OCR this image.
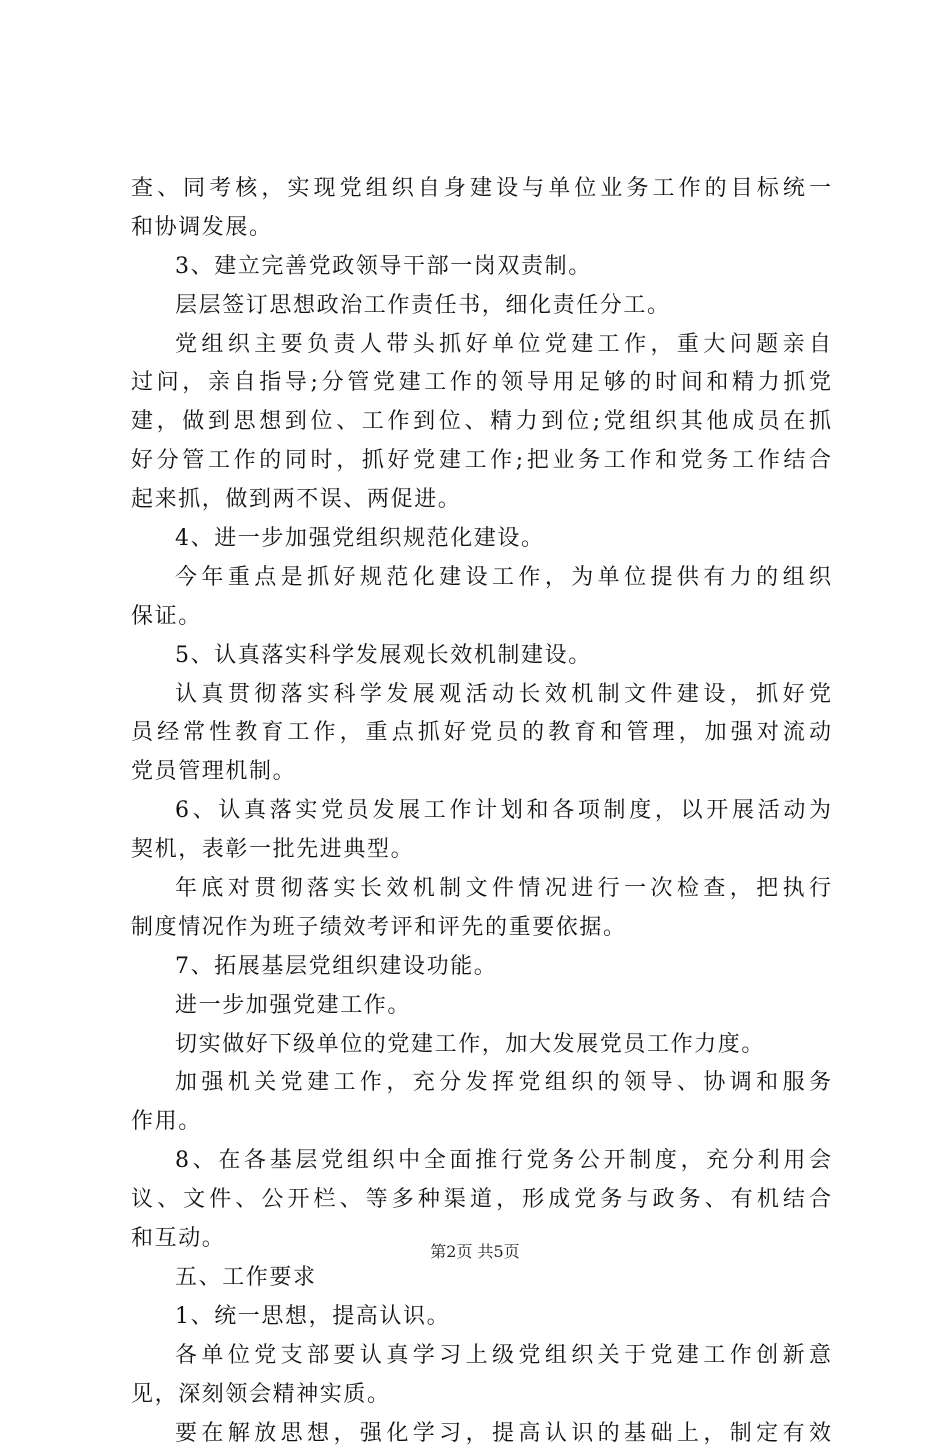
查、同考核，实现党组织自身建设与单位业务工作的目标统一
和协调发展。
3、建立完善党政领导干部一岗双责制。
层层签订思想政治工作责任书，细化责任分工。
党组织主要负责人带头抓好单位党建工作，重大问题亲自
过问，亲自指导;分管党建工作的领导用足够的时间和精力抓党
建，做到思想到位、工作到位、精力到位;党组织其他成员在抓
好分管工作的同时，抓好党建工作;把业务工作和党务工作结合
起来抓，做到两不误、两促进。
4、进一步加强党组织规范化建设。
今年重点是抓好规范化建设工作，为单位提供有力的组织
保证。
5、认真落实科学发展观长效机制建设。
认真贯彻落实科学发展观活动长效机制文件建设，抓好党
员经常性教育工作，重点抓好党员的教育和管理，加强对流动
党员管理机制。
6、认真落实党员发展工作计划和各项制度，以开展活动为
契机，表彰一批先进典型。
年底对贯彻落实长效机制文件情况进行一次检查，把执行
制度情况作为班子绩效考评和评先的重要依据。
7、拓展基层党组织建设功能。
进一步加强党建工作。
切实做好下级单位的党建工作，加大发展党员工作力度。
加强机关党建工作，充分发挥党组织的领导、协调和服务
作用。
8、在各基层党组织中全面推行党务公开制度，充分利用会
议、文件、公开栏、等多种渠道，形成党务与政务、有机结合
和互动。
五、工作要求
1、统一思想，提高认识。
各单位党支部要认真学习上级党组织关于党建工作创新意
见，深刻领会精神实质。
要在解放思想，强化学习，提高认识的基础上，制定有效
第2页 共5页
